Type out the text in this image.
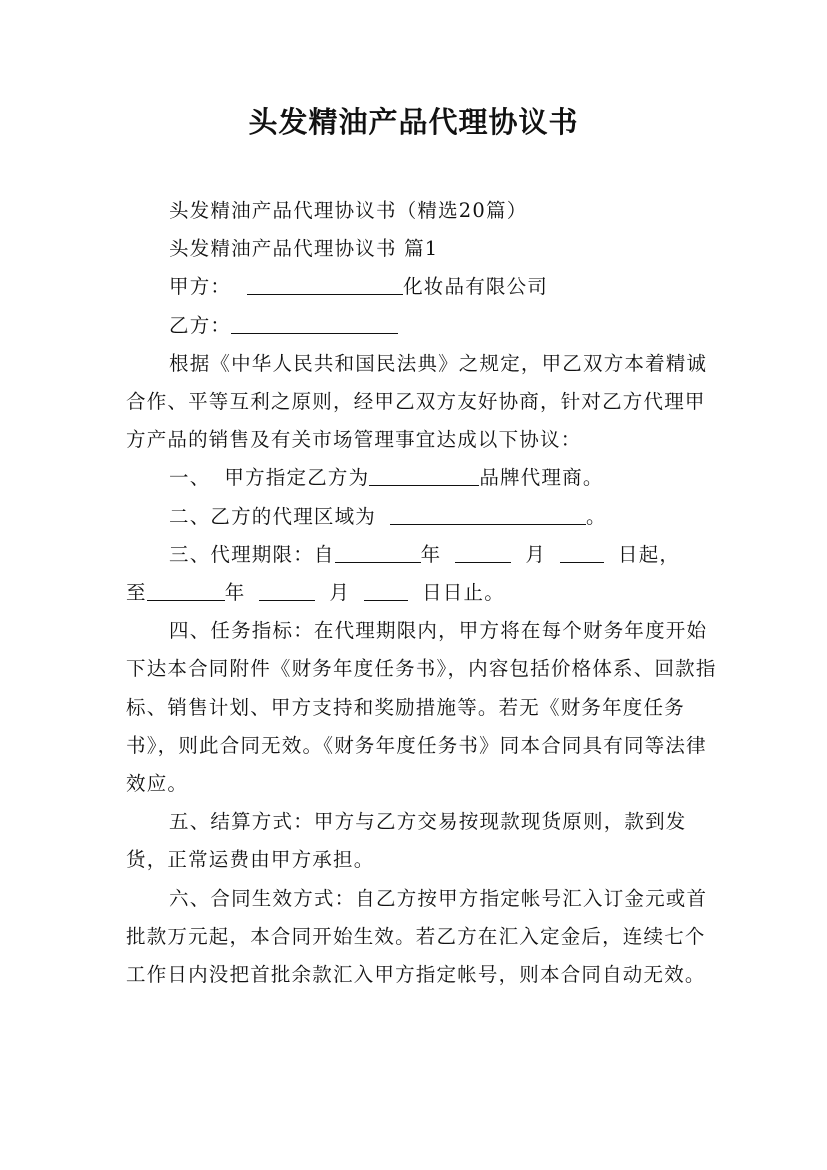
头发精油产品代理协议书

头发精油产品代理协议书（精选20篇）

头发精油产品代理协议书 篇1

甲方：	化妆品有限公司

乙方：

根据《中华人民共和国民法典》之规定，甲乙双方本着精诚合作、平等互利之原则，经甲乙双方友好协商，针对乙方代理甲方产品的销售及有关市场管理事宜达成以下协议：

一、 甲方指定乙方为	品牌代理商。

二、乙方的代理区域为	。

三、代理期限：自	年	月	日起，

至	年	月	日日止。

四、任务指标：在代理期限内，甲方将在每个财务年度开始下达本合同附件《财务年度任务书》，内容包括价格体系、回款指标、销售计划、甲方支持和奖励措施等。若无《财务年度任务书》，则此合同无效。《财务年度任务书》同本合同具有同等法律效应。

五、结算方式：甲方与乙方交易按现款现货原则，款到发货，正常运费由甲方承担。

六、合同生效方式：自乙方按甲方指定帐号汇入订金元或首批款万元起，本合同开始生效。若乙方在汇入定金后，连续七个工作日内没把首批余款汇入甲方指定帐号，则本合同自动无效。
